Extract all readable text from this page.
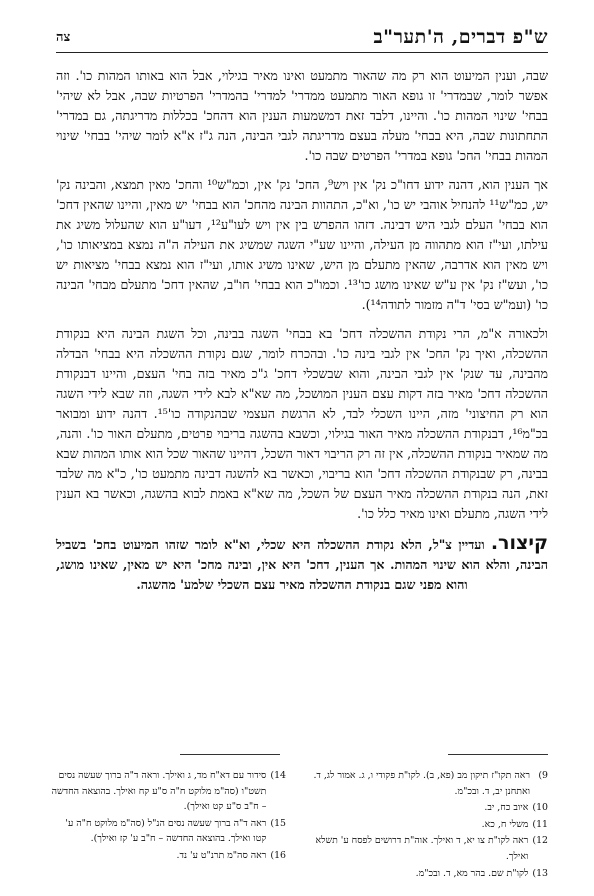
ש"פ דברים, ה'תער"ב
צה

שבה, וענין המיעוט הוא רק מה שהאור מתמעט ואינו מאיר בגילוי, אבל הוא באותו המהות כו'. וזה אפשר לומר, שבמדרי' זו גופא האור מתמעט ממדרי' למדרי' בהמדרי' הפרטיות שבה, אבל לא שיהי' בבחי' שינוי המהות כו'. והיינו, דלבד זאת דמשמעות הענין הוא דהחכ' בכללות מדריגתה, גם במדרי' התחתונות שבה, היא בבחי' מעלה בעצם מדריגתה לגבי הבינה, הנה ג"ז א"א לומר שיהי' בבחי' שינוי המהות בבחי' החכ' גופא במדרי' הפרטים שבה כו'.

אך הענין הוא, דהנה ידוע דחו"כ נק' אין ויש⁹, החכ' נק' אין, וכמ"ש¹⁰ והחכ' מאין תמצא, והבינה נק' יש, כמ"ש¹¹ להנחיל אוהבי יש כו', וא"כ, התהוות הבינה מהחכ' הוא בבחי' יש מאין, והיינו שהאין דחכ' הוא בבחי' העלם לגבי היש דבינה. דזהו ההפרש בין אין ויש לעו"ע¹², דעו"ע הוא שהעלול משיג את עילתו, ועי"ז הוא מתהווה מן העילה, והיינו שע"י השגה שמשיג את העילה ה"ה נמצא במציאותו כו', ויש מאין הוא אדרבה, שהאין מתעלם מן היש, שאינו משיג אותו, ועי"ז הוא נמצא בבחי' מציאות יש כו', ועש"ז נק' אין ע"ש שאינו מושג כו'¹³. וכמו"כ הוא בבחי' חו"ב, שהאין דחכ' מתעלם מבחי' הבינה כו' (ועמ"ש בסי' ד"ה מזמור לתודה¹⁴).

ולכאורה א"מ, הרי נקודת ההשכלה דחכ' בא בבחי' השגה בבינה, וכל השגת הבינה היא בנקודת ההשכלה, ואיך נק' החכ' אין לגבי בינה כו'. ובהכרח לומר, שגם נקודת ההשכלה היא בבחי' הבדלה מהבינה, עד שנק' אין לגבי הבינה, והוא שבשכלי דחכ' ג"כ מאיר בזה בחי' העצם, והיינו דבנקודת ההשכלה דחכ' מאיר בזה דקות עצם הענין המושכל, מה שא"א לבא לידי השגה, וזה שבא לידי השגה הוא רק החיצוני' מזה, היינו השכלי לבד, לא הרגשת העצמי שבהנקודה כו'¹⁵. דהנה ידוע ומבואר בכ"מ¹⁶, דבנקודת ההשכלה מאיר האור בגילוי, וכשבא בהשגה בריבוי פרטים, מתעלם האור כו'. והנה, מה שמאיר בנקודת ההשכלה, אין זה רק הריבוי דאור השכל, דהיינו שהאור שכל הוא אותו המהות שבא בבינה, רק שבנקודת ההשכלה דחכ' הוא בריבוי, וכאשר בא להשגה דבינה מתמעט כו', כ"א מה שלבד זאת, הנה בנקודת ההשכלה מאיר העצם של השכל, מה שא"א באמת לבוא בהשגה, וכאשר בא הענין לידי השגה, מתעלם ואינו מאיר כלל כו'.

קיצור. ועדיין צ"ל, הלא נקודת ההשכלה היא שכלי, וא"א לומר שזהו המיעוט בחכ' בשביל הבינה, והלא הוא שינוי המהות. אך הענין, דחכ' היא אין, ובינה מחכ' היא יש מאין, שאינו מושג, והוא מפני שגם בנקודת ההשכלה מאיר עצם השכלי שלמע' מהשגה.

9)
ראה תקו"ז תיקון מב (פא, ב). לקו"ת פקודי ו, ג. אמור לג, ד. ואתחנן יב, ד. ובכ"מ.
10)
איוב כח, יב.
11)
משלי ח, כא.
12)
ראה לקו"ת צו יא, ד ואילך. אוה"ת דרושים לפסח ע' תשלא ואילך.
13)
לקו"ת שם. בהר מא, ד. ובכ"מ.
14)
סידור עם דא"ח מד, ג ואילך. וראה ד"ה ברוך שעשה נסים תשט"ו (סה"מ מלוקט ח"ה ס"ע קח ואילך. בהוצאה החדשה – ח"ב ס"ע קט ואילך).
15)
ראה ד"ה ברוך שעשה נסים הנ"ל (סה"מ מלוקט ח"ה ע' קטו ואילך. בהוצאה החדשה – ח"ב ע' קז ואילך).
16)
ראה סה"מ תרנ"ט ע' נד.
